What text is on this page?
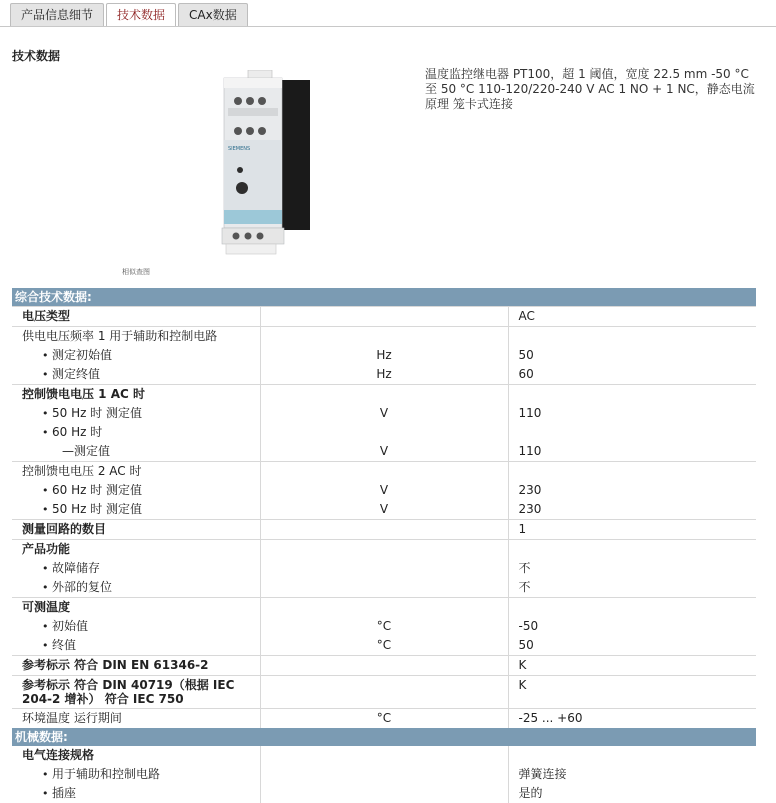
产品信息细节	技术数据	CAx数据
技术数据
SIEMENS
相似查图
温度监控继电器 PT100，超 1 阈值，宽度 22.5 mm -50 °C 至 50 °C 110-120/220-240 V AC 1 NO + 1 NC，静态电流原理 笼卡式连接
综合技术数据:		
电压类型		AC
供电电压频率 1 用于辅助和控制电路		
• 测定初始值	Hz	50
• 测定终值	Hz	60
控制馈电电压 1 AC 时		
• 50 Hz 时 测定值	V	110
• 60 Hz 时		
— 测定值	V	110
控制馈电电压 2 AC 时		
• 60 Hz 时 测定值	V	230
• 50 Hz 时 测定值	V	230
测量回路的数目		1
产品功能		
• 故障储存		不
• 外部的复位		不
可测温度		
• 初始值	°C	-50
• 终值	°C	50
参考标示 符合 DIN EN 61346-2		K
参考标示 符合 DIN 40719（根据 IEC 204-2 增补） 符合 IEC 750		K
环境温度 运行期间	°C	-25 ... +60
机械数据:		
电气连接规格		
• 用于辅助和控制电路		弹簧连接
• 插座		是的
